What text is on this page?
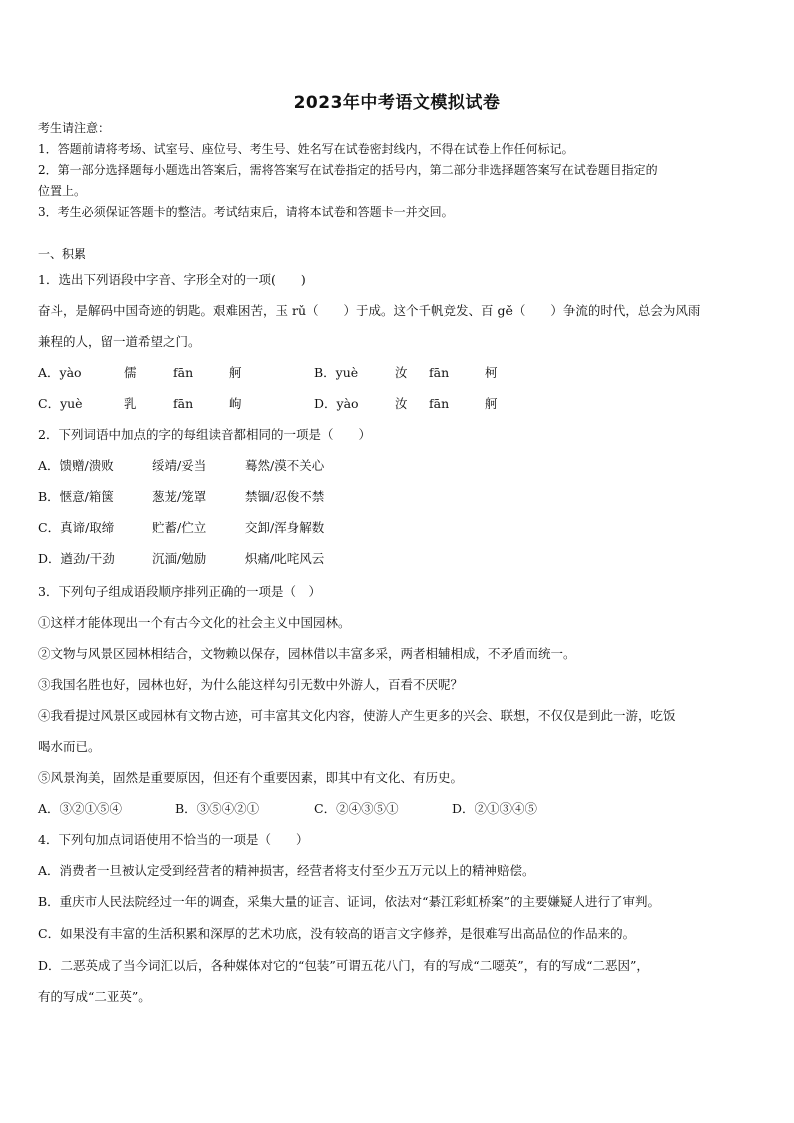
2023年中考语文模拟试卷
考生请注意：
1．答题前请将考场、试室号、座位号、考生号、姓名写在试卷密封线内，不得在试卷上作任何标记。
2．第一部分选择题每小题选出答案后，需将答案写在试卷指定的括号内，第二部分非选择题答案写在试卷题目指定的
位置上。
3．考生必须保证答题卡的整洁。考试结束后，请将本试卷和答题卡一并交回。
一、积累
1．选出下列语段中字音、字形全对的一项(　　)
奋斗，是解码中国奇迹的钥匙。艰难困苦，玉 rǔ（　　）于成。这个千帆竞发、百 gě（　　）争流的时代，总会为风雨
兼程的人，留一道希望之门。
A．yào	儒	fān	舸	B．yuè	汝 fān	柯
C．yuè	乳	fān	岣	D．yào	汝 fān	舸
2．下列词语中加点的字的每组读音都相同的一项是（　　）
A．馈赠/溃败	绥靖/妥当	蓦然/漠不关心
B．惬意/箱箧	葱茏/笼罩	禁锢/忍俊不禁
C．真谛/取缔	贮蓄/伫立	交卸/浑身解数
D．遒劲/干劲	沉湎/勉励	炽痛/叱咤风云
3．下列句子组成语段顺序排列正确的一项是（　）
①这样才能体现出一个有古今文化的社会主义中国园林。
②文物与风景区园林相结合，文物赖以保存，园林借以丰富多采，两者相辅相成，不矛盾而统一。
③我国名胜也好，园林也好，为什么能这样勾引无数中外游人，百看不厌呢？
④我看提过风景区或园林有文物古迹，可丰富其文化内容，使游人产生更多的兴会、联想，不仅仅是到此一游，吃饭
喝水而已。
⑤风景洵美，固然是重要原因，但还有个重要因素，即其中有文化、有历史。
A．③②①⑤④	B．③⑤④②①	C．②④③⑤①	D．②①③④⑤
4．下列句加点词语使用不恰当的一项是（　　）
A．消费者一旦被认定受到经营者的精神损害，经营者将支付至少五万元以上的精神赔偿。
B．重庆市人民法院经过一年的调查，采集大量的证言、证词，依法对“綦江彩虹桥案”的主要嫌疑人进行了审判。
C．如果没有丰富的生活积累和深厚的艺术功底，没有较高的语言文字修养，是很难写出高品位的作品来的。
D．二恶英成了当今词汇以后，各种媒体对它的“包装”可谓五花八门，有的写成“二噁英”，有的写成“二恶因”，
有的写成“二亚英”。
